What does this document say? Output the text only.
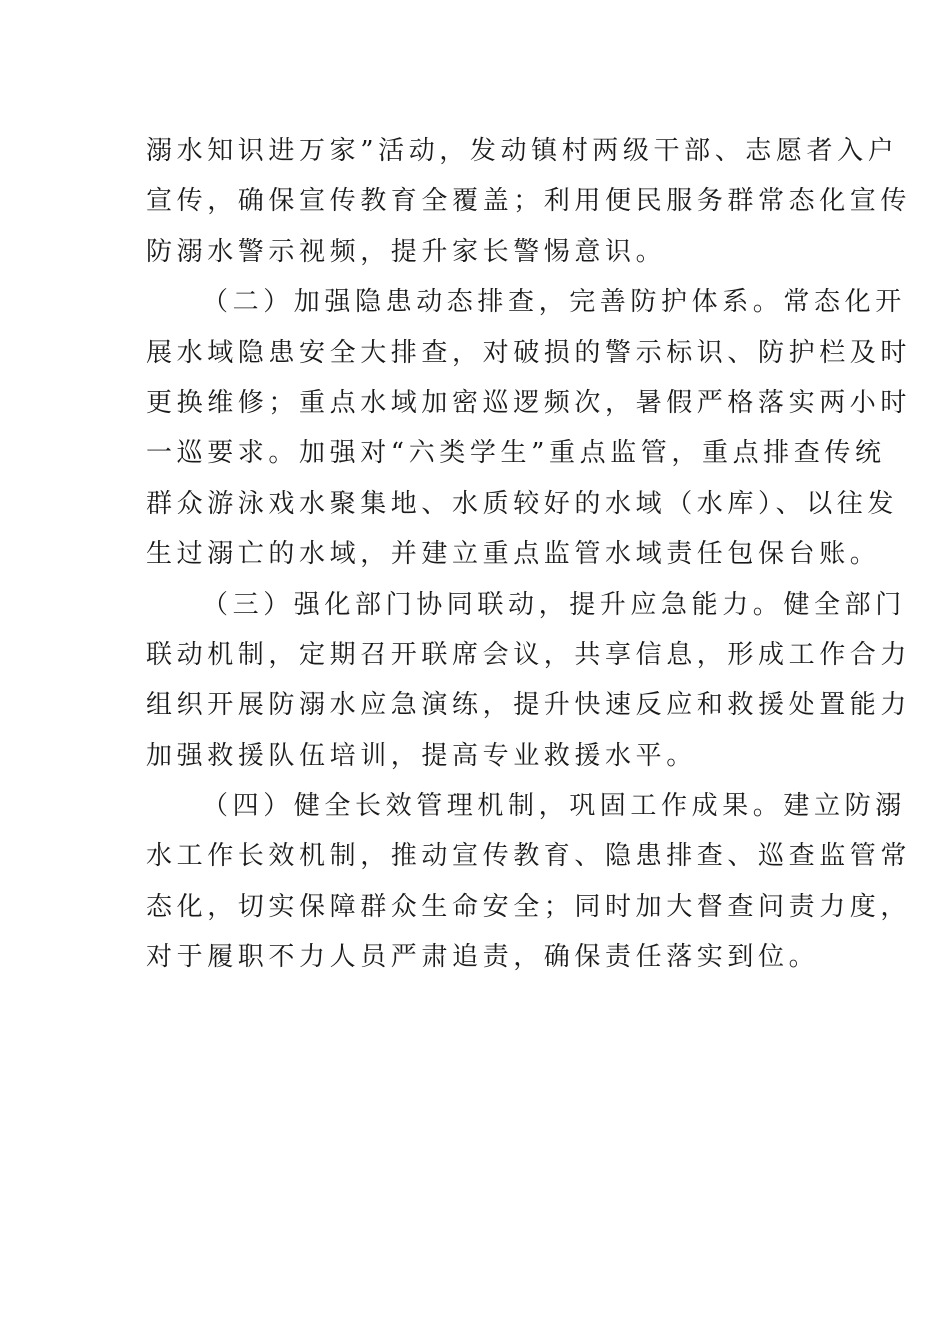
溺水知识进万家”活动，发动镇村两级干部、志愿者入户
宣传，确保宣传教育全覆盖；利用便民服务群常态化宣传
防溺水警示视频，提升家长警惕意识。
（二）加强隐患动态排查，完善防护体系。常态化开
展水域隐患安全大排查，对破损的警示标识、防护栏及时
更换维修；重点水域加密巡逻频次，暑假严格落实两小时
一巡要求。加强对“六类学生”重点监管，重点排查传统
群众游泳戏水聚集地、水质较好的水域（水库）、以往发
生过溺亡的水域，并建立重点监管水域责任包保台账。
（三）强化部门协同联动，提升应急能力。健全部门
联动机制，定期召开联席会议，共享信息，形成工作合力
组织开展防溺水应急演练，提升快速反应和救援处置能力
加强救援队伍培训，提高专业救援水平。
（四）健全长效管理机制，巩固工作成果。建立防溺
水工作长效机制，推动宣传教育、隐患排查、巡查监管常
态化，切实保障群众生命安全；同时加大督查问责力度，
对于履职不力人员严肃追责，确保责任落实到位。
